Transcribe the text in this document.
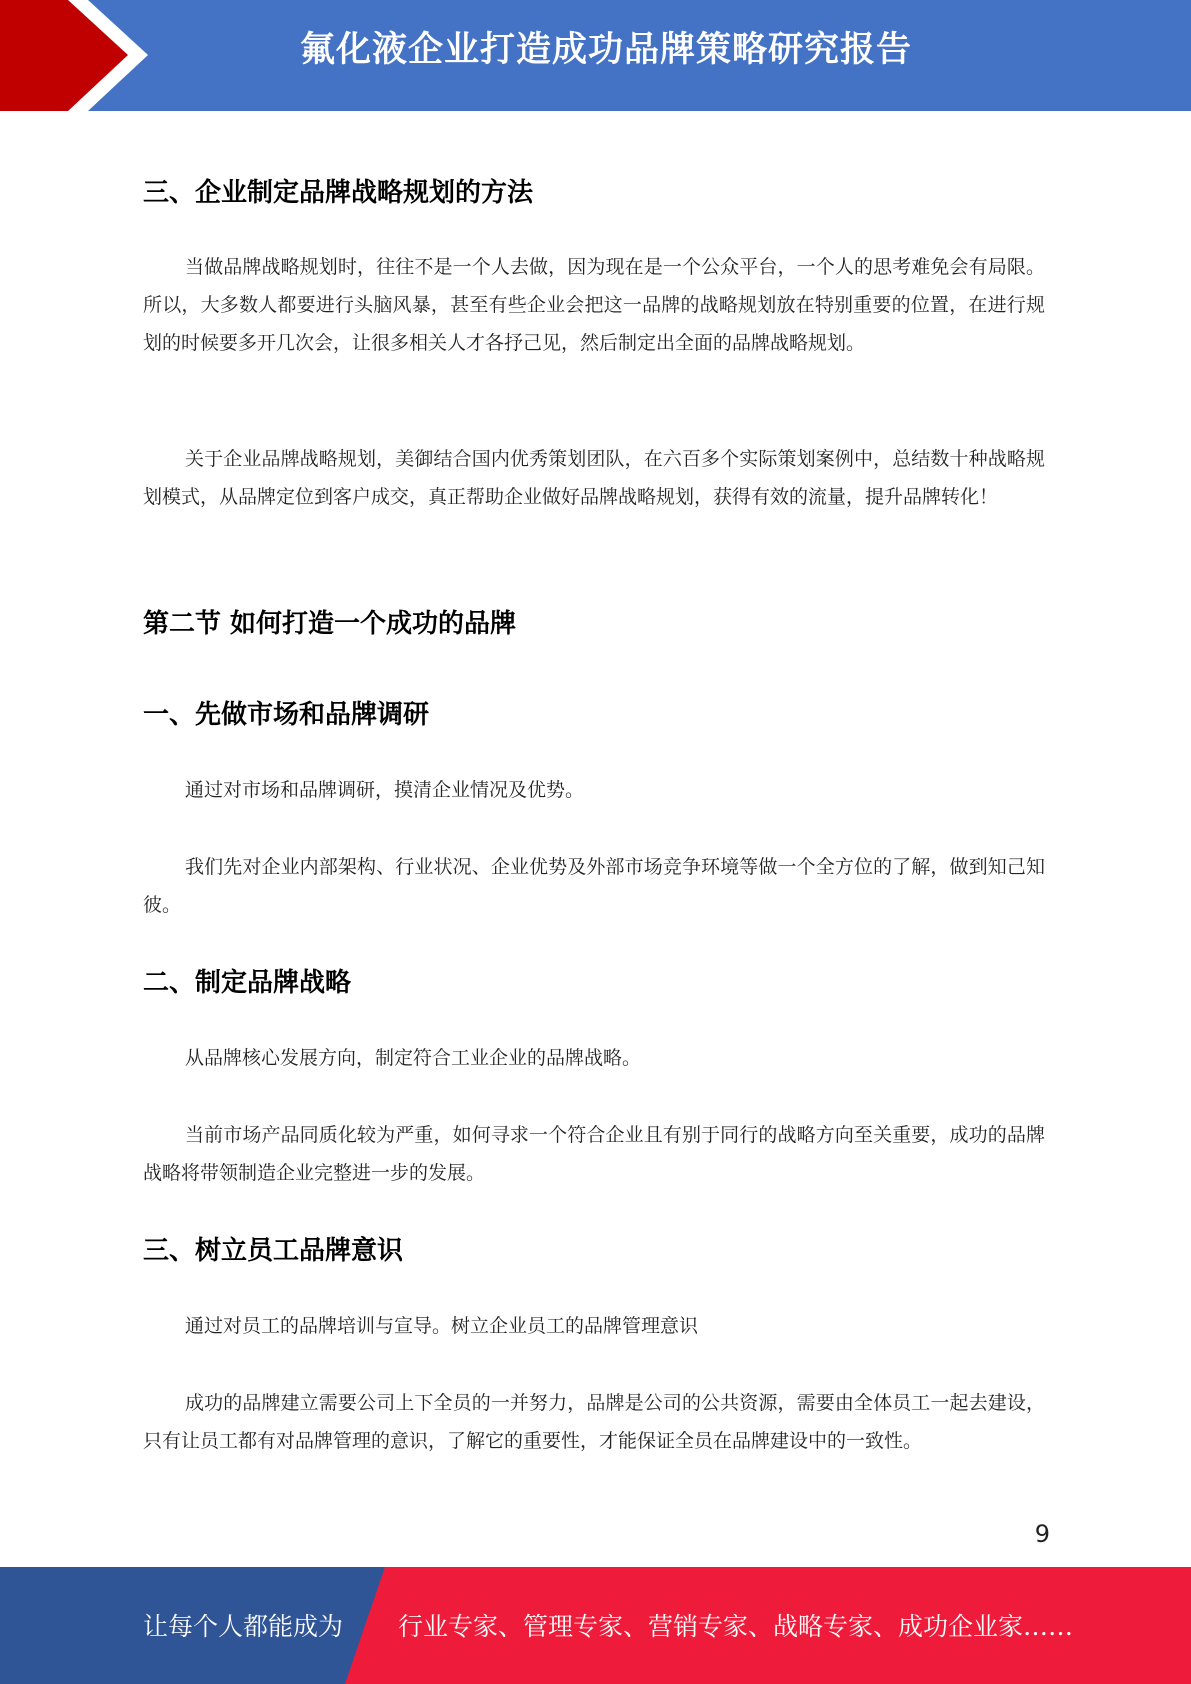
氟化液企业打造成功品牌策略研究报告
三、企业制定品牌战略规划的方法
当做品牌战略规划时，往往不是一个人去做，因为现在是一个公众平台，一个人的思考难免会有局限。所以，大多数人都要进行头脑风暴，甚至有些企业会把这一品牌的战略规划放在特别重要的位置，在进行规划的时候要多开几次会，让很多相关人才各抒己见，然后制定出全面的品牌战略规划。
关于企业品牌战略规划，美御结合国内优秀策划团队，在六百多个实际策划案例中，总结数十种战略规划模式，从品牌定位到客户成交，真正帮助企业做好品牌战略规划，获得有效的流量，提升品牌转化！
第二节 如何打造一个成功的品牌
一、先做市场和品牌调研
通过对市场和品牌调研，摸清企业情况及优势。
我们先对企业内部架构、行业状况、企业优势及外部市场竞争环境等做一个全方位的了解，做到知己知彼。
二、制定品牌战略
从品牌核心发展方向，制定符合工业企业的品牌战略。
当前市场产品同质化较为严重，如何寻求一个符合企业且有别于同行的战略方向至关重要，成功的品牌战略将带领制造企业完整进一步的发展。
三、树立员工品牌意识
通过对员工的品牌培训与宣导。树立企业员工的品牌管理意识
成功的品牌建立需要公司上下全员的一并努力，品牌是公司的公共资源，需要由全体员工一起去建设，只有让员工都有对品牌管理的意识，了解它的重要性，才能保证全员在品牌建设中的一致性。
9
让每个人都能成为 行业专家、管理专家、营销专家、战略专家、成功企业家……
